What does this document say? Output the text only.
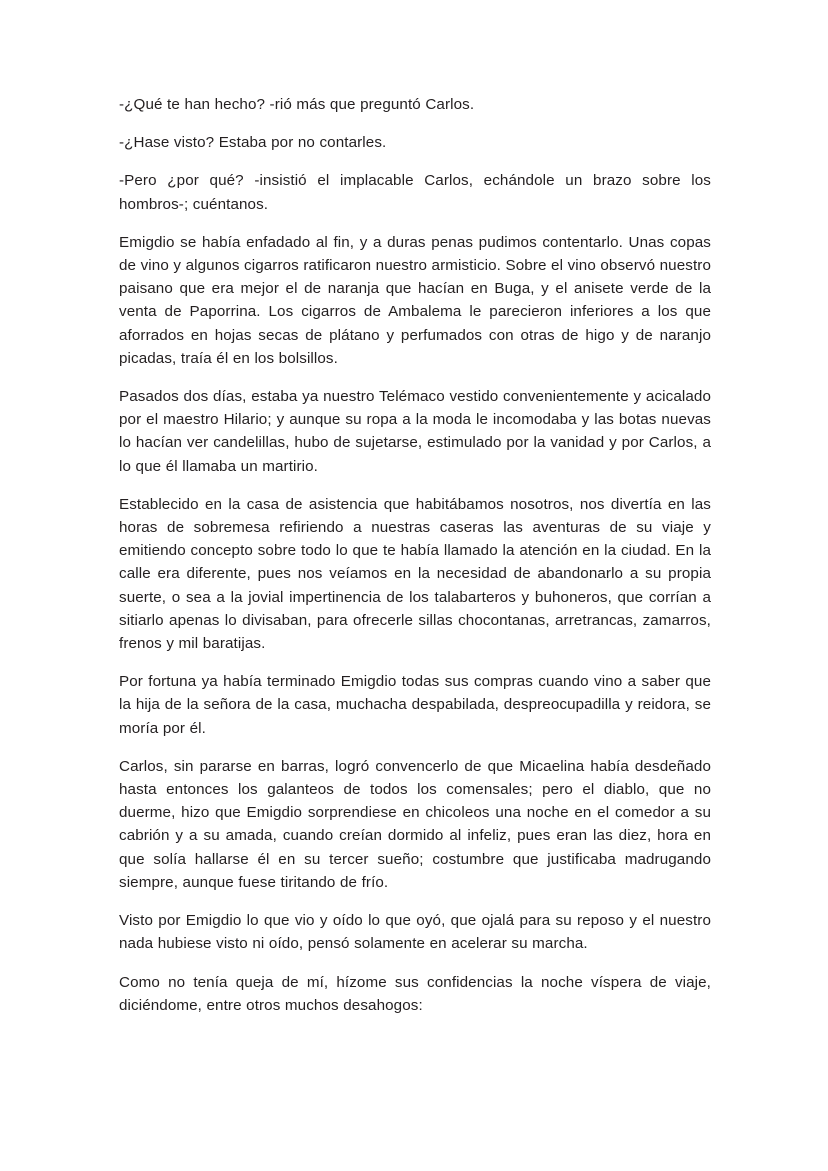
-¿Qué te han hecho? -rió más que preguntó Carlos.

-¿Hase visto? Estaba por no contarles.

-Pero ¿por qué? -insistió el implacable Carlos, echándole un brazo sobre los hombros-; cuéntanos.

Emigdio se había enfadado al fin, y a duras penas pudimos contentarlo. Unas copas de vino y algunos cigarros ratificaron nuestro armisticio. Sobre el vino observó nuestro paisano que era mejor el de naranja que hacían en Buga, y el anisete verde de la venta de Paporrina. Los cigarros de Ambalema le parecieron inferiores a los que aforrados en hojas secas de plátano y perfumados con otras de higo y de naranjo picadas, traía él en los bolsillos.

Pasados dos días, estaba ya nuestro Telémaco vestido convenientemente y acicalado por el maestro Hilario; y aunque su ropa a la moda le incomodaba y las botas nuevas lo hacían ver candelillas, hubo de sujetarse, estimulado por la vanidad y por Carlos, a lo que él llamaba un martirio.

Establecido en la casa de asistencia que habitábamos nosotros, nos divertía en las horas de sobremesa refiriendo a nuestras caseras las aventuras de su viaje y emitiendo concepto sobre todo lo que te había llamado la atención en la ciudad. En la calle era diferente, pues nos veíamos en la necesidad de abandonarlo a su propia suerte, o sea a la jovial impertinencia de los talabarteros y buhoneros, que corrían a sitiarlo apenas lo divisaban, para ofrecerle sillas chocontanas, arretrancas, zamarros, frenos y mil baratijas.

Por fortuna ya había terminado Emigdio todas sus compras cuando vino a saber que la hija de la señora de la casa, muchacha despabilada, despreocupadilla y reidora, se moría por él.

Carlos, sin pararse en barras, logró convencerlo de que Micaelina había desdeñado hasta entonces los galanteos de todos los comensales; pero el diablo, que no duerme, hizo que Emigdio sorprendiese en chicoleos una noche en el comedor a su cabrión y a su amada, cuando creían dormido al infeliz, pues eran las diez, hora en que solía hallarse él en su tercer sueño; costumbre que justificaba madrugando siempre, aunque fuese tiritando de frío.

Visto por Emigdio lo que vio y oído lo que oyó, que ojalá para su reposo y el nuestro nada hubiese visto ni oído, pensó solamente en acelerar su marcha.

Como no tenía queja de mí, hízome sus confidencias la noche víspera de viaje, diciéndome, entre otros muchos desahogos:
